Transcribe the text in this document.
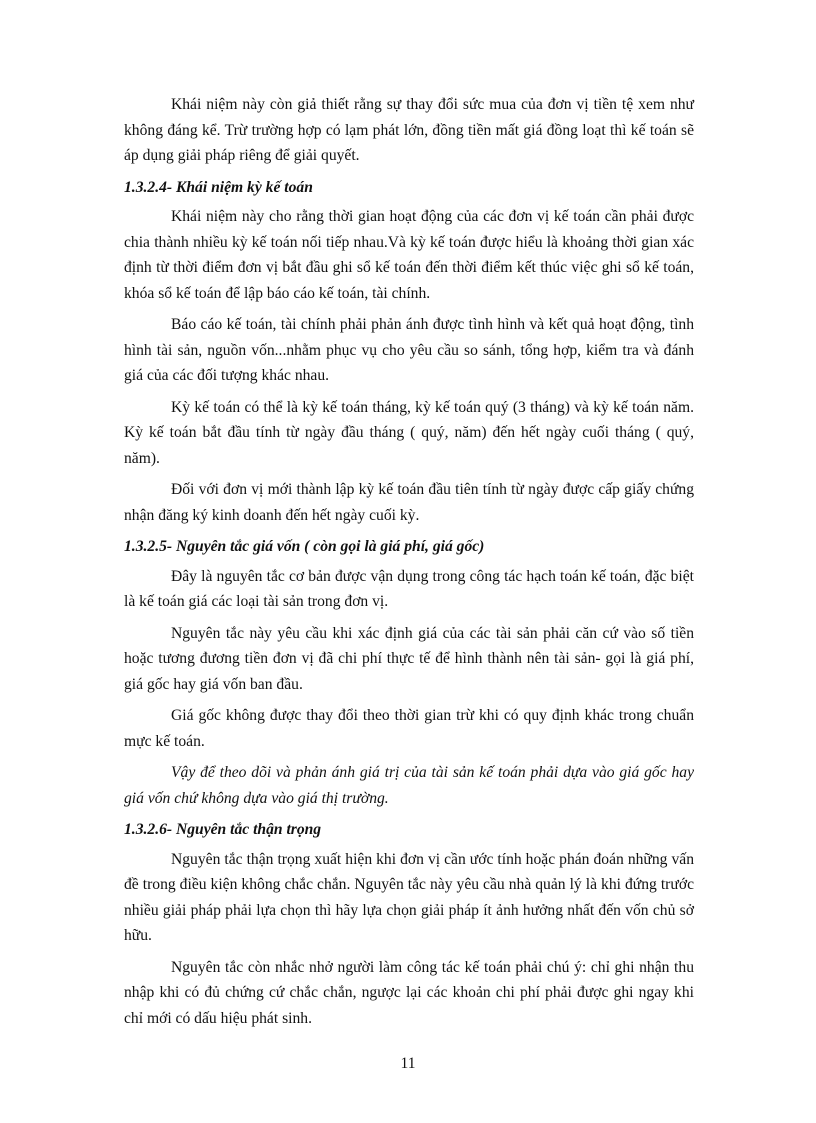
Khái niệm này còn giả thiết rằng sự thay đổi sức mua của đơn vị tiền tệ xem như không đáng kể. Trừ trường hợp có lạm phát lớn, đồng tiền mất giá đồng loạt thì kế toán sẽ áp dụng giải pháp riêng để giải quyết.

1.3.2.4- Khái niệm kỳ kế toán

Khái niệm này cho rằng thời gian hoạt động của các đơn vị kế toán cần phải được chia thành nhiều kỳ kế toán nối tiếp nhau.Và kỳ kế toán được hiểu là khoảng thời gian xác định từ thời điểm đơn vị bắt đầu ghi sổ kế toán đến thời điểm kết thúc việc ghi sổ kế toán, khóa sổ kế toán để lập báo cáo kế toán, tài chính.

Báo cáo kế toán, tài chính phải phản ánh được tình hình và kết quả hoạt động, tình hình tài sản, nguồn vốn...nhằm phục vụ cho yêu cầu so sánh, tổng hợp, kiểm tra và đánh giá của các đối tượng khác nhau.

Kỳ kế toán có thể là kỳ kế toán tháng, kỳ kế toán quý (3 tháng) và kỳ kế toán năm. Kỳ kế toán bắt đầu tính từ ngày đầu tháng ( quý, năm) đến hết ngày cuối tháng ( quý, năm).

Đối với đơn vị mới thành lập kỳ kế toán đầu tiên tính từ ngày được cấp giấy chứng nhận đăng ký kinh doanh đến hết ngày cuối kỳ.

1.3.2.5- Nguyên tắc giá vốn ( còn gọi là giá phí, giá gốc)

Đây là nguyên tắc cơ bản được vận dụng trong công tác hạch toán kế toán, đặc biệt là kế toán giá các loại tài sản trong đơn vị.

Nguyên tắc này yêu cầu khi xác định giá của các tài sản phải căn cứ vào số tiền hoặc tương đương tiền đơn vị đã chi phí thực tế để hình thành nên tài sản- gọi là giá phí, giá gốc hay giá vốn ban đầu.

Giá gốc không được thay đổi theo thời gian trừ khi có quy định khác trong chuẩn mực kế toán.

Vậy để theo dõi và phản ánh giá trị của tài sản kế toán phải dựa vào giá gốc hay giá vốn chứ không dựa vào giá thị trường.

1.3.2.6- Nguyên tắc thận trọng

Nguyên tắc thận trọng xuất hiện khi đơn vị cần ước tính hoặc phán đoán những vấn đề trong điều kiện không chắc chắn. Nguyên tắc này yêu cầu nhà quản lý là khi đứng trước nhiều giải pháp phải lựa chọn thì hãy lựa chọn giải pháp ít ảnh hưởng nhất đến vốn chủ sở hữu.

Nguyên tắc còn nhắc nhở người làm công tác kế toán phải chú ý: chỉ ghi nhận thu nhập khi có đủ chứng cứ chắc chắn, ngược lại các khoản chi phí phải được ghi ngay khi chỉ mới có dấu hiệu phát sinh.

11
